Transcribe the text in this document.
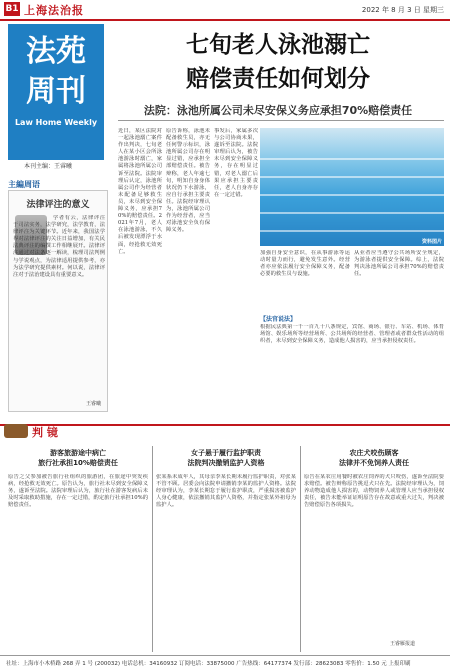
B1 上海法治报	2022 年 8 月 3 日 星期三
法苑
周刊
Law Home Weekly
本刊主编：王睿曦
七旬老人泳池溺亡
赔偿责任如何划分
法院：泳池所属公司未尽安保义务应承担70%赔偿责任
主編周语
法律评注的意义
学者有云，法律评注于司法实务，法学研究，法学教育，法律评注为关键环节。近年来，我国法学界对法律评注的关注日益增加，有关民法典评注的编撰工作相继展开。法律评注通过对法条逐一解读，梳理司法判例与学说观点，为法律适用提供参考，亦为法学研究提供素材。何以说，法律评注对于法治建设具有重要意义。
王睿曦
近日，某区法院对一起泳池溺亡案件作出判决，七旬老人在某小区会所泳池游泳时溺亡，家属将泳池所属公司诉至法院。法院审理后认定，泳池所属公司作为经营者未配备足够救生员，未尽到安全保障义务，应承担70%的赔偿责任。2021年7月，老人在泳池游泳，不久后被发现漂浮于水面，经抢救无效死亡。
原告诉称，泳池未配备救生员，亦无任何警示标识，泳池所属公司存在明显过错，应承担全部赔偿责任。被告辩称，老人年逾七旬，明知自身身体状况仍下水游泳，应自行承担主要责任。法院经审理认为，泳池所属公司作为经营者，应当对泳池安全负有保障义务。
事发后，家属多次与公司协商未果，遂诉至法院。法院审理后认为，被告未尽到安全保障义务，存在明显过错，对老人溺亡后果应承担主要责任，老人自身亦存在一定过错。
资料图片
加强自身安全意识，在从事游泳等运动时量力而行，避免发生意外。经营者亦应依法履行安全保障义务，配备必要的救生员与设施。
从业者应当遵守公共场所安全规定，为游泳者提供安全保障。综上，法院判决泳池所属公司承担70%的赔偿责任。
【法官说法】
根据民法典第一千一百九十八条规定，宾馆、商场、银行、车站、机场、体育场馆、娱乐场所等经营场所、公共场所的经营者、管理者或者群众性活动的组织者，未尽到安全保障义务，造成他人损害的，应当承担侵权责任。
判 镜
游客旅游途中病亡
旅行社承担10%赔偿责任
原告之父参加被告旅行社组织的旅游团，在旅途中突发疾病，经抢救无效死亡。原告认为，旅行社未尽到安全保障义务，遂诉至法院。法院审理后认为，旅行社在游客发病后未及时采取救助措施，存在一定过错，酌定旅行社承担10%的赔偿责任。
女子悬于履行监护职责
法院判决撤销监护人资格
张某系未成年人，其母亲李某长期未履行监护职责，对张某不管不顾。居委会向法院申请撤销李某的监护人资格。法院经审理认为，李某长期怠于履行监护职责，严重损害被监护人身心健康，依法撤销其监护人资格，并指定张某外祖母为监护人。
农庄犬咬伤顾客
法律并不免饲养人责任
原告在某农庄用餐时被农庄饲养的犬只咬伤，遂诉至法院要求赔偿。被告辩称原告挑逗犬只在先。法院经审理认为，饲养动物造成他人损害的，动物饲养人或管理人应当承担侵权责任，被告未能举证证明原告存在故意或重大过失，判决被告赔偿原告各项损失。
王睿雁报道
社址：上海市小木桥路 268 弄 1 号 (200032) 电话总机：34160932 订阅电话：33875000 广告热线：64177374 发行部：28623083 零售价：1.50 元 上报印刷
